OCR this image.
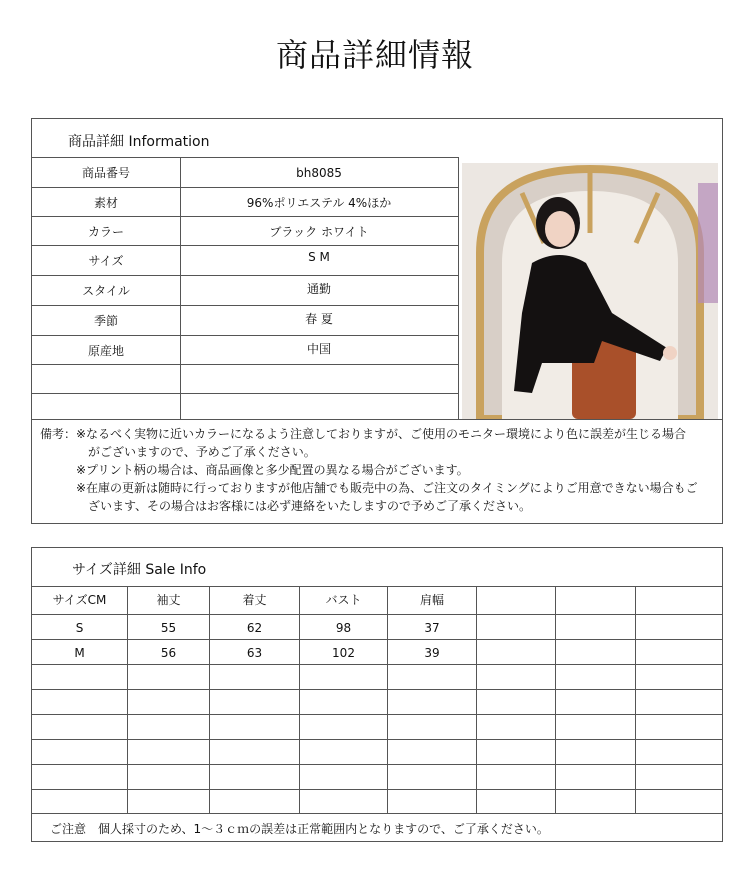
商品詳細情報
商品詳細 Information
商品番号	bh8085
素材	96%ポリエステル 4%ほか
カラー	ブラック ホワイト
サイズ	S M
スタイル	通勤
季節	春 夏
原産地	中国
備考：※なるべく実物に近いカラーになるよう注意しておりますが、ご使用のモニター環境により色に誤差が生じる場合
　　　　がございますので、予めご了承ください。
　　　※プリント柄の場合は、商品画像と多少配置の異なる場合がございます。
　　　※在庫の更新は随時に行っておりますが他店舗でも販売中の為、ご注文のタイミングによりご用意できない場合もご
　　　　ざいます、その場合はお客様には必ず連絡をいたしますので予めご了承ください。
サイズ詳細 Sale Info
サイズCM	袖丈	着丈	バスト	肩幅
S	55	62	98	37
M	56	63	102	39
ご注意　個人採寸のため、1～３ｃｍの誤差は正常範囲内となりますので、ご了承ください。
